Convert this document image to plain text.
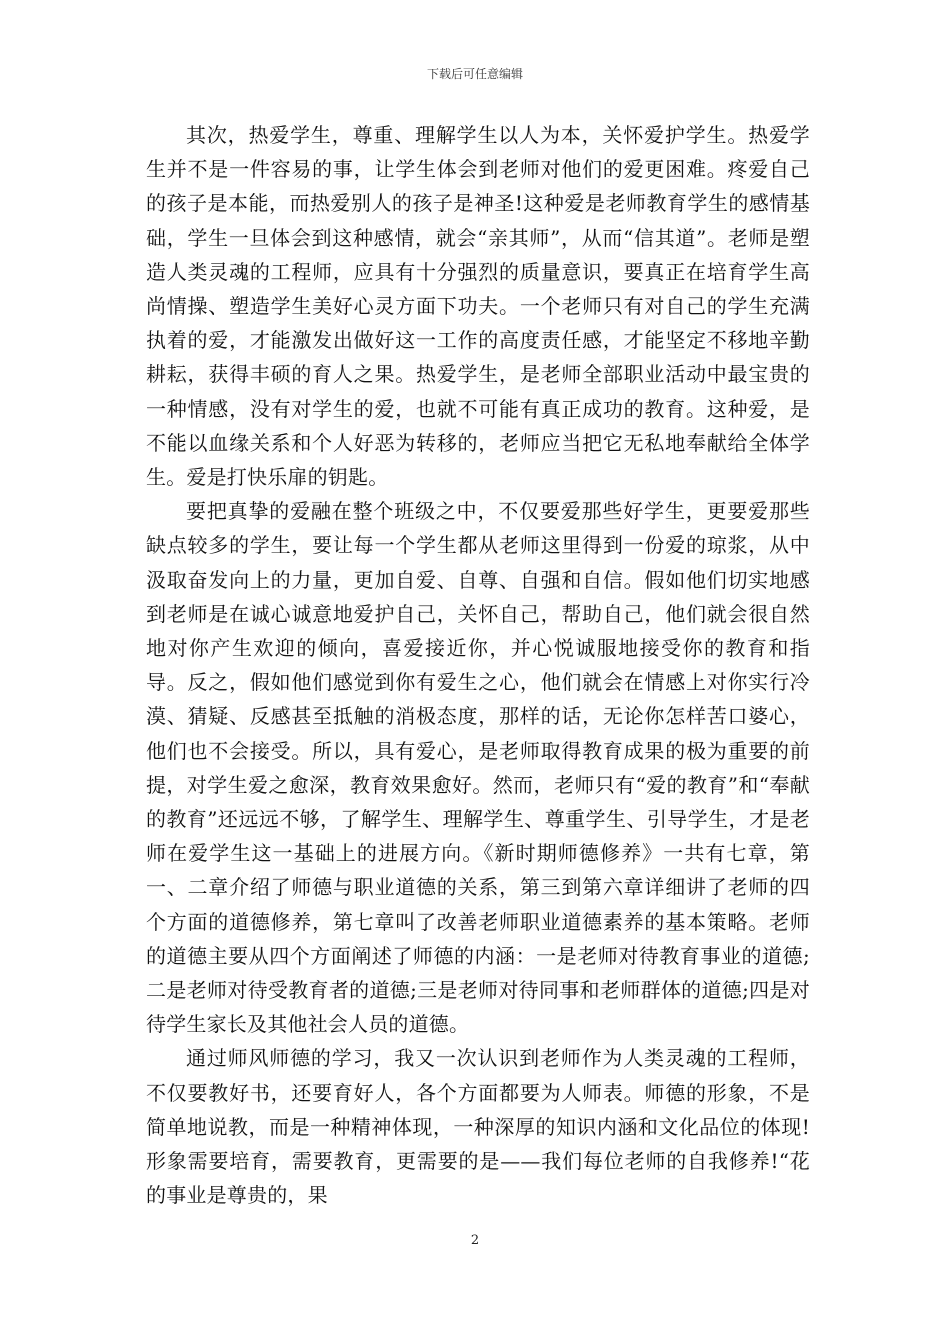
下载后可任意编辑

其次，热爱学生，尊重、理解学生以人为本，关怀爱护学生。热爱学生并不是一件容易的事，让学生体会到老师对他们的爱更困难。疼爱自己的孩子是本能，而热爱别人的孩子是神圣!这种爱是老师教育学生的感情基础，学生一旦体会到这种感情，就会“亲其师”，从而“信其道”。老师是塑造人类灵魂的工程师，应具有十分强烈的质量意识，要真正在培育学生高尚情操、塑造学生美好心灵方面下功夫。一个老师只有对自己的学生充满执着的爱，才能激发出做好这一工作的高度责任感，才能坚定不移地辛勤耕耘，获得丰硕的育人之果。热爱学生，是老师全部职业活动中最宝贵的一种情感，没有对学生的爱，也就不可能有真正成功的教育。这种爱，是不能以血缘关系和个人好恶为转移的，老师应当把它无私地奉献给全体学生。爱是打快乐扉的钥匙。

要把真挚的爱融在整个班级之中，不仅要爱那些好学生，更要爱那些缺点较多的学生，要让每一个学生都从老师这里得到一份爱的琼浆，从中汲取奋发向上的力量，更加自爱、自尊、自强和自信。假如他们切实地感到老师是在诚心诚意地爱护自己，关怀自己，帮助自己，他们就会很自然地对你产生欢迎的倾向，喜爱接近你，并心悦诚服地接受你的教育和指导。反之，假如他们感觉到你有爱生之心，他们就会在情感上对你实行冷漠、猜疑、反感甚至抵触的消极态度，那样的话，无论你怎样苦口婆心，他们也不会接受。所以，具有爱心，是老师取得教育成果的极为重要的前提，对学生爱之愈深，教育效果愈好。然而，老师只有“爱的教育”和“奉献的教育”还远远不够，了解学生、理解学生、尊重学生、引导学生，才是老师在爱学生这一基础上的进展方向。《新时期师德修养》一共有七章，第一、二章介绍了师德与职业道德的关系，第三到第六章详细讲了老师的四个方面的道德修养，第七章叫了改善老师职业道德素养的基本策略。老师的道德主要从四个方面阐述了师德的内涵：一是老师对待教育事业的道德;二是老师对待受教育者的道德;三是老师对待同事和老师群体的道德;四是对待学生家长及其他社会人员的道德。

通过师风师德的学习，我又一次认识到老师作为人类灵魂的工程师，不仅要教好书，还要育好人，各个方面都要为人师表。师德的形象，不是简单地说教，而是一种精神体现，一种深厚的知识内涵和文化品位的体现!形象需要培育，需要教育，更需要的是——我们每位老师的自我修养!“花的事业是尊贵的，果

2
